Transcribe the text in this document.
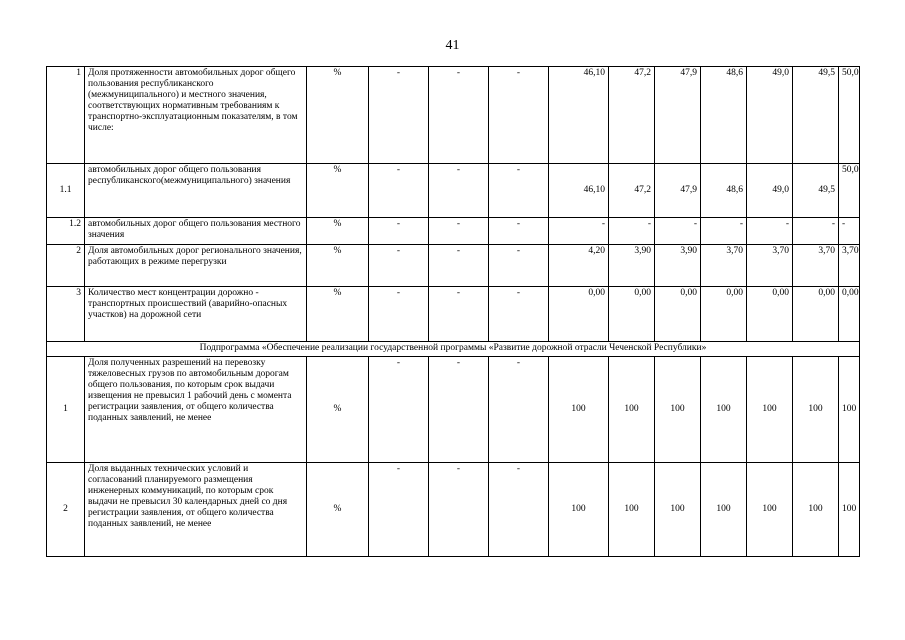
41
1	Доля протяженности автомобильных дорог общего пользования республиканского (межмуниципального) и местного значения, соответствующих нормативным требованиям к транспортно-эксплуатационным показателям, в том числе:	%	-	-	-	46,10	47,2	47,9	48,6	49,0	49,5	50,0
1.1	автомобильных дорог общего пользования республиканского(межмуниципального) значения	%	-	-	-	46,10	47,2	47,9	48,6	49,0	49,5	50,0
1.2	автомобильных дорог общего пользования местного значения	%	-	-	-	-	-	-	-	-	-	-
2	Доля автомобильных дорог регионального значения, работающих в режиме перегрузки	%	-	-	-	4,20	3,90	3,90	3,70	3,70	3,70	3,70
3	Количество мест концентрации дорожно - транспортных происшествий (аварийно-опасных участков) на дорожной сети	%	-	-	-	0,00	0,00	0,00	0,00	0,00	0,00	0,00
Подпрограмма «Обеспечение реализации государственной программы «Развитие дорожной отрасли Чеченской Республики»												
1	Доля полученных разрешений на перевозку тяжеловесных грузов по автомобильным дорогам общего пользования, по которым срок выдачи извещения не превысил 1 рабочий день с момента регистрации заявления, от общего количества поданных заявлений, не менее	%	-	-	-	100	100	100	100	100	100	100
2	Доля выданных технических условий и согласований планируемого размещения инженерных коммуникаций, по которым срок выдачи не превысил 30 календарных дней со дня регистрации заявления, от общего количества поданных заявлений, не менее	%	-	-	-	100	100	100	100	100	100	100
